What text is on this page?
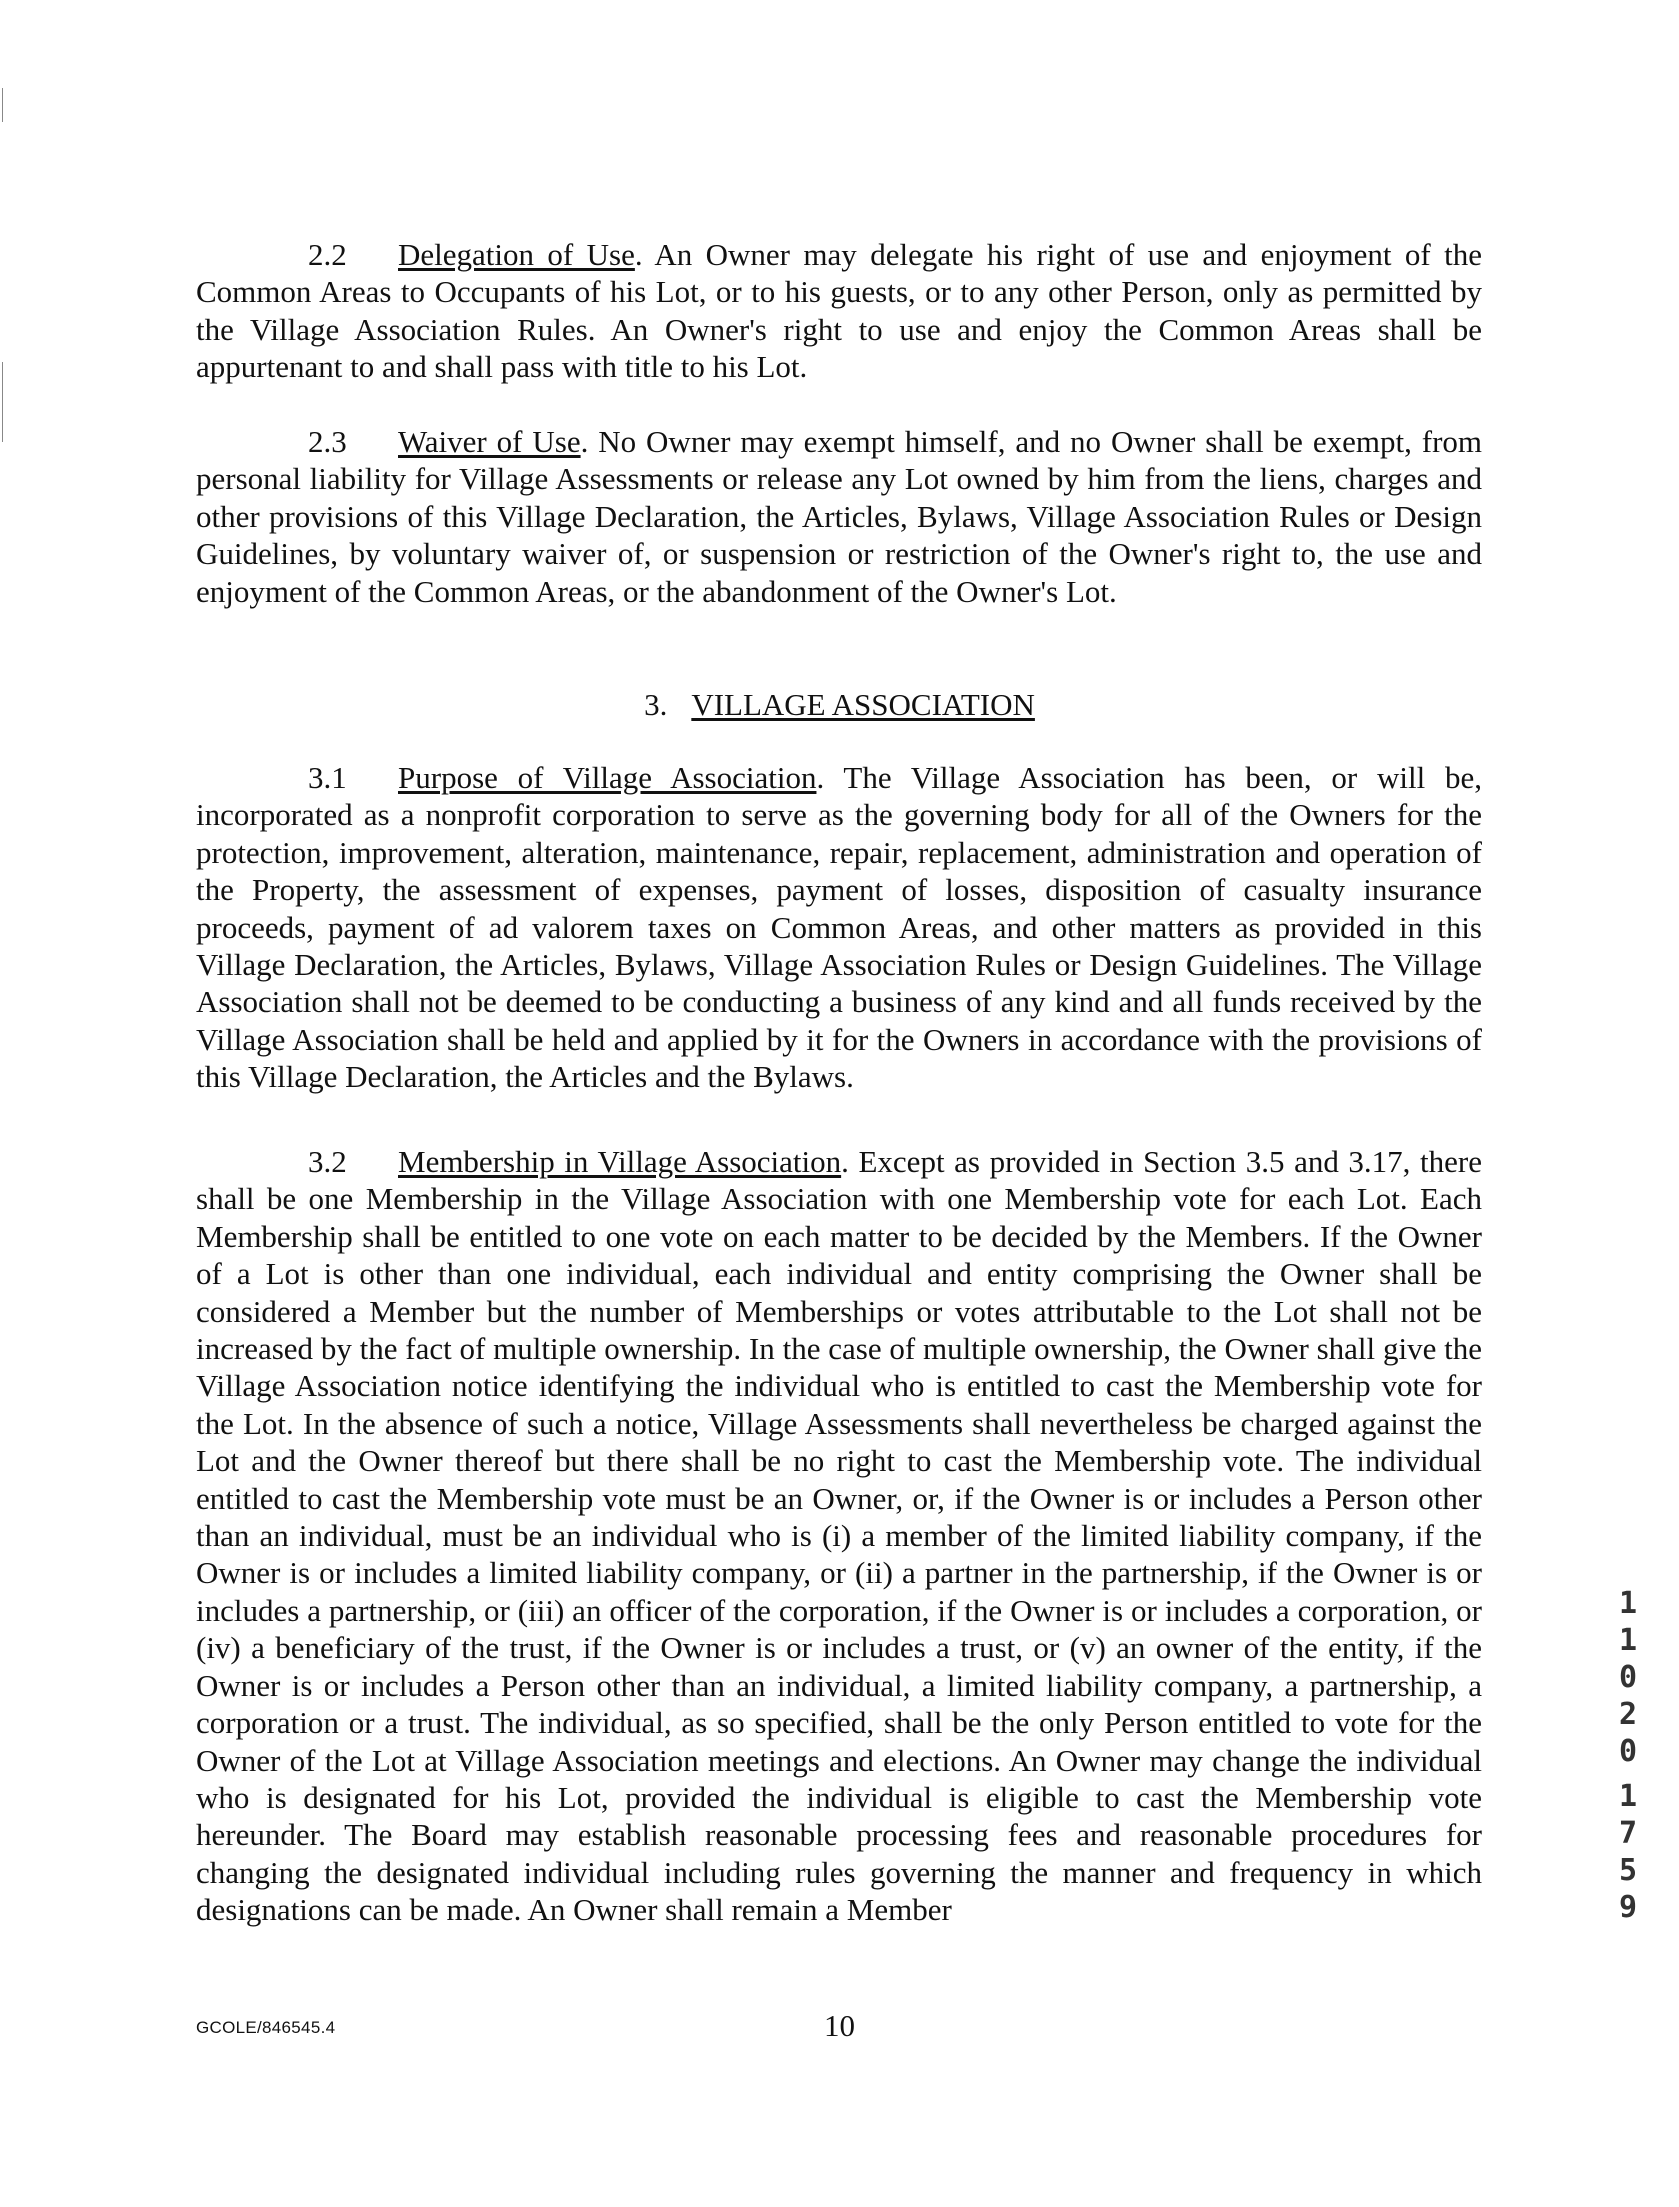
2.2 Delegation of Use. An Owner may delegate his right of use and enjoyment of the Common Areas to Occupants of his Lot, or to his guests, or to any other Person, only as permitted by the Village Association Rules. An Owner's right to use and enjoy the Common Areas shall be appurtenant to and shall pass with title to his Lot.

2.3 Waiver of Use. No Owner may exempt himself, and no Owner shall be exempt, from personal liability for Village Assessments or release any Lot owned by him from the liens, charges and other provisions of this Village Declaration, the Articles, Bylaws, Village Association Rules or Design Guidelines, by voluntary waiver of, or suspension or restriction of the Owner's right to, the use and enjoyment of the Common Areas, or the abandonment of the Owner's Lot.

3. VILLAGE ASSOCIATION

3.1 Purpose of Village Association. The Village Association has been, or will be, incorporated as a nonprofit corporation to serve as the governing body for all of the Owners for the protection, improvement, alteration, maintenance, repair, replacement, administration and operation of the Property, the assessment of expenses, payment of losses, disposition of casualty insurance proceeds, payment of ad valorem taxes on Common Areas, and other matters as provided in this Village Declaration, the Articles, Bylaws, Village Association Rules or Design Guidelines. The Village Association shall not be deemed to be conducting a business of any kind and all funds received by the Village Association shall be held and applied by it for the Owners in accordance with the provisions of this Village Declaration, the Articles and the Bylaws.

3.2 Membership in Village Association. Except as provided in Section 3.5 and 3.17, there shall be one Membership in the Village Association with one Membership vote for each Lot. Each Membership shall be entitled to one vote on each matter to be decided by the Members. If the Owner of a Lot is other than one individual, each individual and entity comprising the Owner shall be considered a Member but the number of Memberships or votes attributable to the Lot shall not be increased by the fact of multiple ownership. In the case of multiple ownership, the Owner shall give the Village Association notice identifying the individual who is entitled to cast the Membership vote for the Lot. In the absence of such a notice, Village Assessments shall nevertheless be charged against the Lot and the Owner thereof but there shall be no right to cast the Membership vote. The individual entitled to cast the Membership vote must be an Owner, or, if the Owner is or includes a Person other than an individual, must be an individual who is (i) a member of the limited liability company, if the Owner is or includes a limited liability company, or (ii) a partner in the partnership, if the Owner is or includes a partnership, or (iii) an officer of the corporation, if the Owner is or includes a corporation, or (iv) a beneficiary of the trust, if the Owner is or includes a trust, or (v) an owner of the entity, if the Owner is or includes a Person other than an individual, a limited liability company, a partnership, a corporation or a trust. The individual, as so specified, shall be the only Person entitled to vote for the Owner of the Lot at Village Association meetings and elections. An Owner may change the individual who is designated for his Lot, provided the individual is eligible to cast the Membership vote hereunder. The Board may establish reasonable processing fees and reasonable procedures for changing the designated individual including rules governing the manner and frequency in which designations can be made. An Owner shall remain a Member

1
1
0
2
0
1
7
5
9
GCOLE/846545.4	10
